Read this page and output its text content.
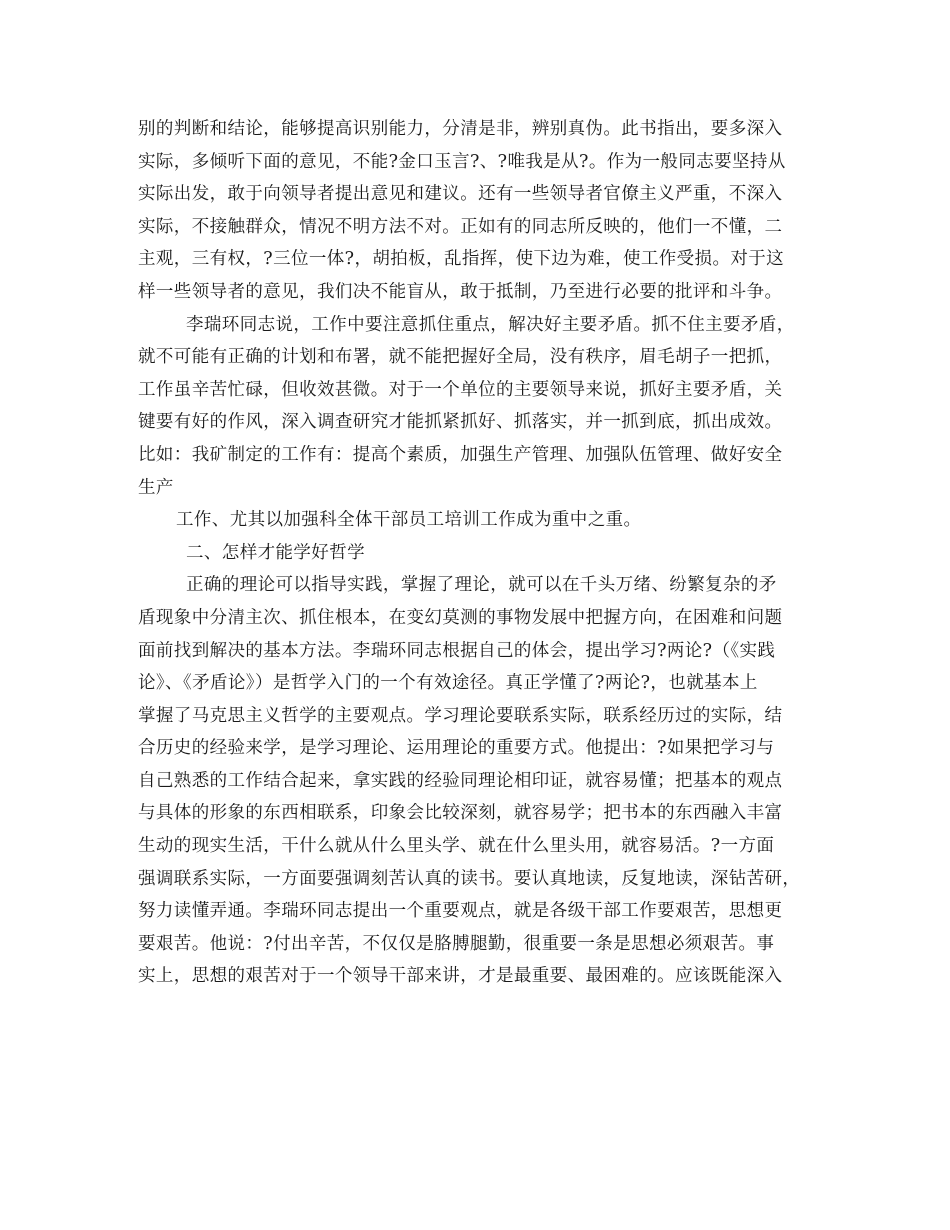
别的判断和结论，能够提高识别能力，分清是非，辨别真伪。此书指出，要多深入
实际，多倾听下面的意见，不能?金口玉言?、?唯我是从?。作为一般同志要坚持从
实际出发，敢于向领导者提出意见和建议。还有一些领导者官僚主义严重，不深入
实际，不接触群众，情况不明方法不对。正如有的同志所反映的，他们一不懂，二
主观，三有权，?三位一体?，胡拍板，乱指挥，使下边为难，使工作受损。对于这
样一些领导者的意见，我们决不能盲从，敢于抵制，乃至进行必要的批评和斗争。
李瑞环同志说，工作中要注意抓住重点，解决好主要矛盾。抓不住主要矛盾，
就不可能有正确的计划和布署，就不能把握好全局，没有秩序，眉毛胡子一把抓，
工作虽辛苦忙碌，但收效甚微。对于一个单位的主要领导来说，抓好主要矛盾，关
键要有好的作风，深入调查研究才能抓紧抓好、抓落实，并一抓到底，抓出成效。
比如：我矿制定的工作有：提高个素质，加强生产管理、加强队伍管理、做好安全
生产
工作、尤其以加强科全体干部员工培训工作成为重中之重。
二、怎样才能学好哲学
正确的理论可以指导实践，掌握了理论，就可以在千头万绪、纷繁复杂的矛
盾现象中分清主次、抓住根本，在变幻莫测的事物发展中把握方向，在困难和问题
面前找到解决的基本方法。李瑞环同志根据自己的体会，提出学习?两论?（《实践
论》、《矛盾论》）是哲学入门的一个有效途径。真正学懂了?两论?，也就基本上
掌握了马克思主义哲学的主要观点。学习理论要联系实际，联系经历过的实际，结
合历史的经验来学，是学习理论、运用理论的重要方式。他提出：?如果把学习与
自己熟悉的工作结合起来，拿实践的经验同理论相印证，就容易懂；把基本的观点
与具体的形象的东西相联系，印象会比较深刻，就容易学；把书本的东西融入丰富
生动的现实生活，干什么就从什么里头学、就在什么里头用，就容易活。?一方面
强调联系实际，一方面要强调刻苦认真的读书。要认真地读，反复地读，深钻苦研，
努力读懂弄通。李瑞环同志提出一个重要观点，就是各级干部工作要艰苦，思想更
要艰苦。他说：?付出辛苦，不仅仅是胳膊腿勤，很重要一条是思想必须艰苦。事
实上，思想的艰苦对于一个领导干部来讲，才是最重要、最困难的。应该既能深入
